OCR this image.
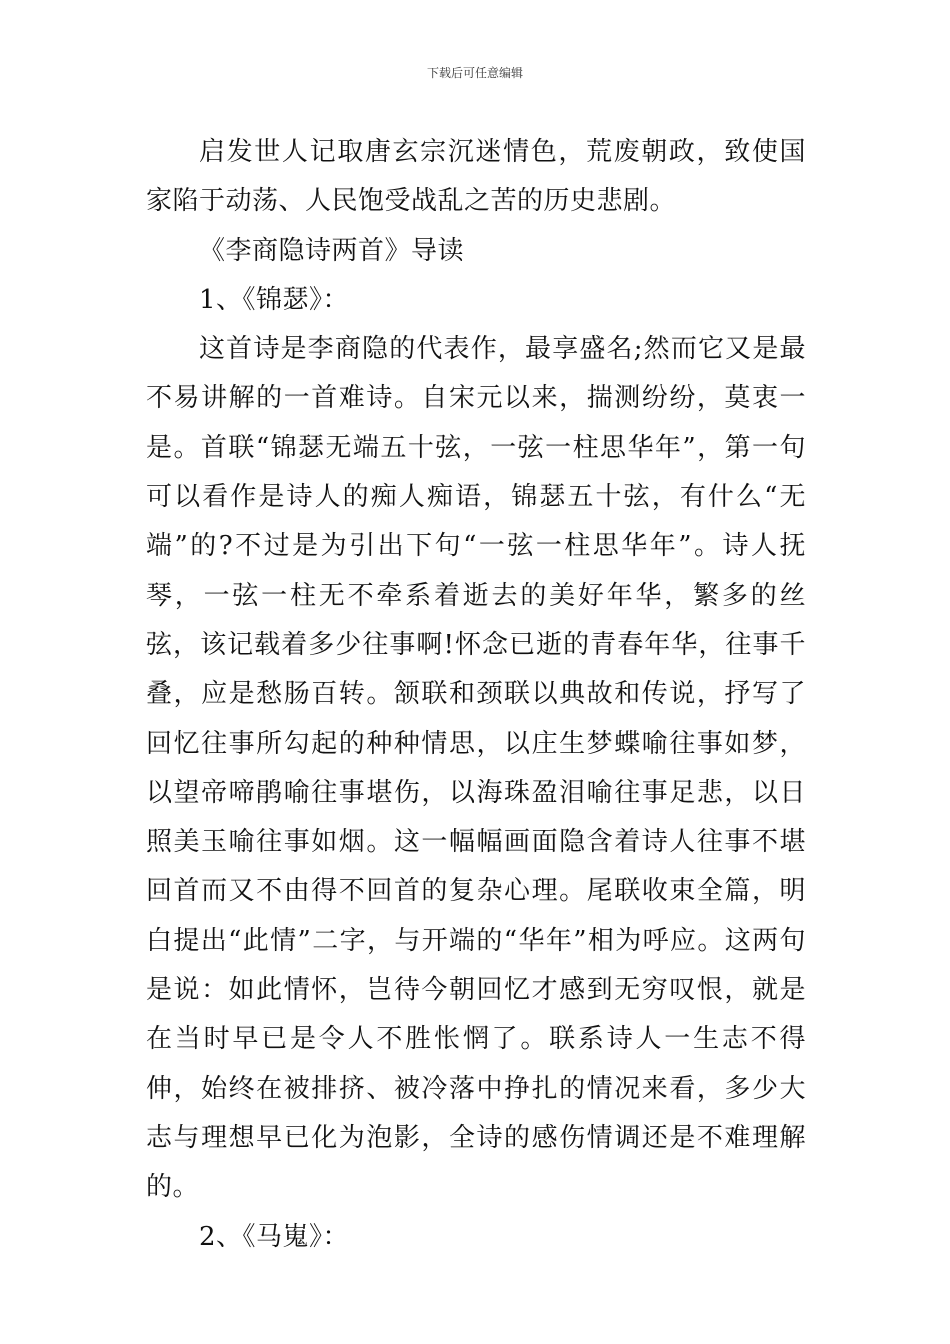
下载后可任意编辑

启发世人记取唐玄宗沉迷情色，荒废朝政，致使国家陷于动荡、人民饱受战乱之苦的历史悲剧。

《李商隐诗两首》导读

1、《锦瑟》：

这首诗是李商隐的代表作，最享盛名;然而它又是最不易讲解的一首难诗。自宋元以来，揣测纷纷，莫衷一是。首联“锦瑟无端五十弦，一弦一柱思华年”，第一句可以看作是诗人的痴人痴语，锦瑟五十弦，有什么“无端”的?不过是为引出下句“一弦一柱思华年”。诗人抚琴，一弦一柱无不牵系着逝去的美好年华，繁多的丝弦，该记载着多少往事啊!怀念已逝的青春年华，往事千叠，应是愁肠百转。颔联和颈联以典故和传说，抒写了回忆往事所勾起的种种情思，以庄生梦蝶喻往事如梦，以望帝啼鹃喻往事堪伤，以海珠盈泪喻往事足悲，以日照美玉喻往事如烟。这一幅幅画面隐含着诗人往事不堪回首而又不由得不回首的复杂心理。尾联收束全篇，明白提出“此情”二字，与开端的“华年”相为呼应。这两句是说：如此情怀，岂待今朝回忆才感到无穷叹恨，就是在当时早已是令人不胜怅惘了。联系诗人一生志不得伸，始终在被排挤、被冷落中挣扎的情况来看，多少大志与理想早已化为泡影，全诗的感伤情调还是不难理解的。

2、《马嵬》：
